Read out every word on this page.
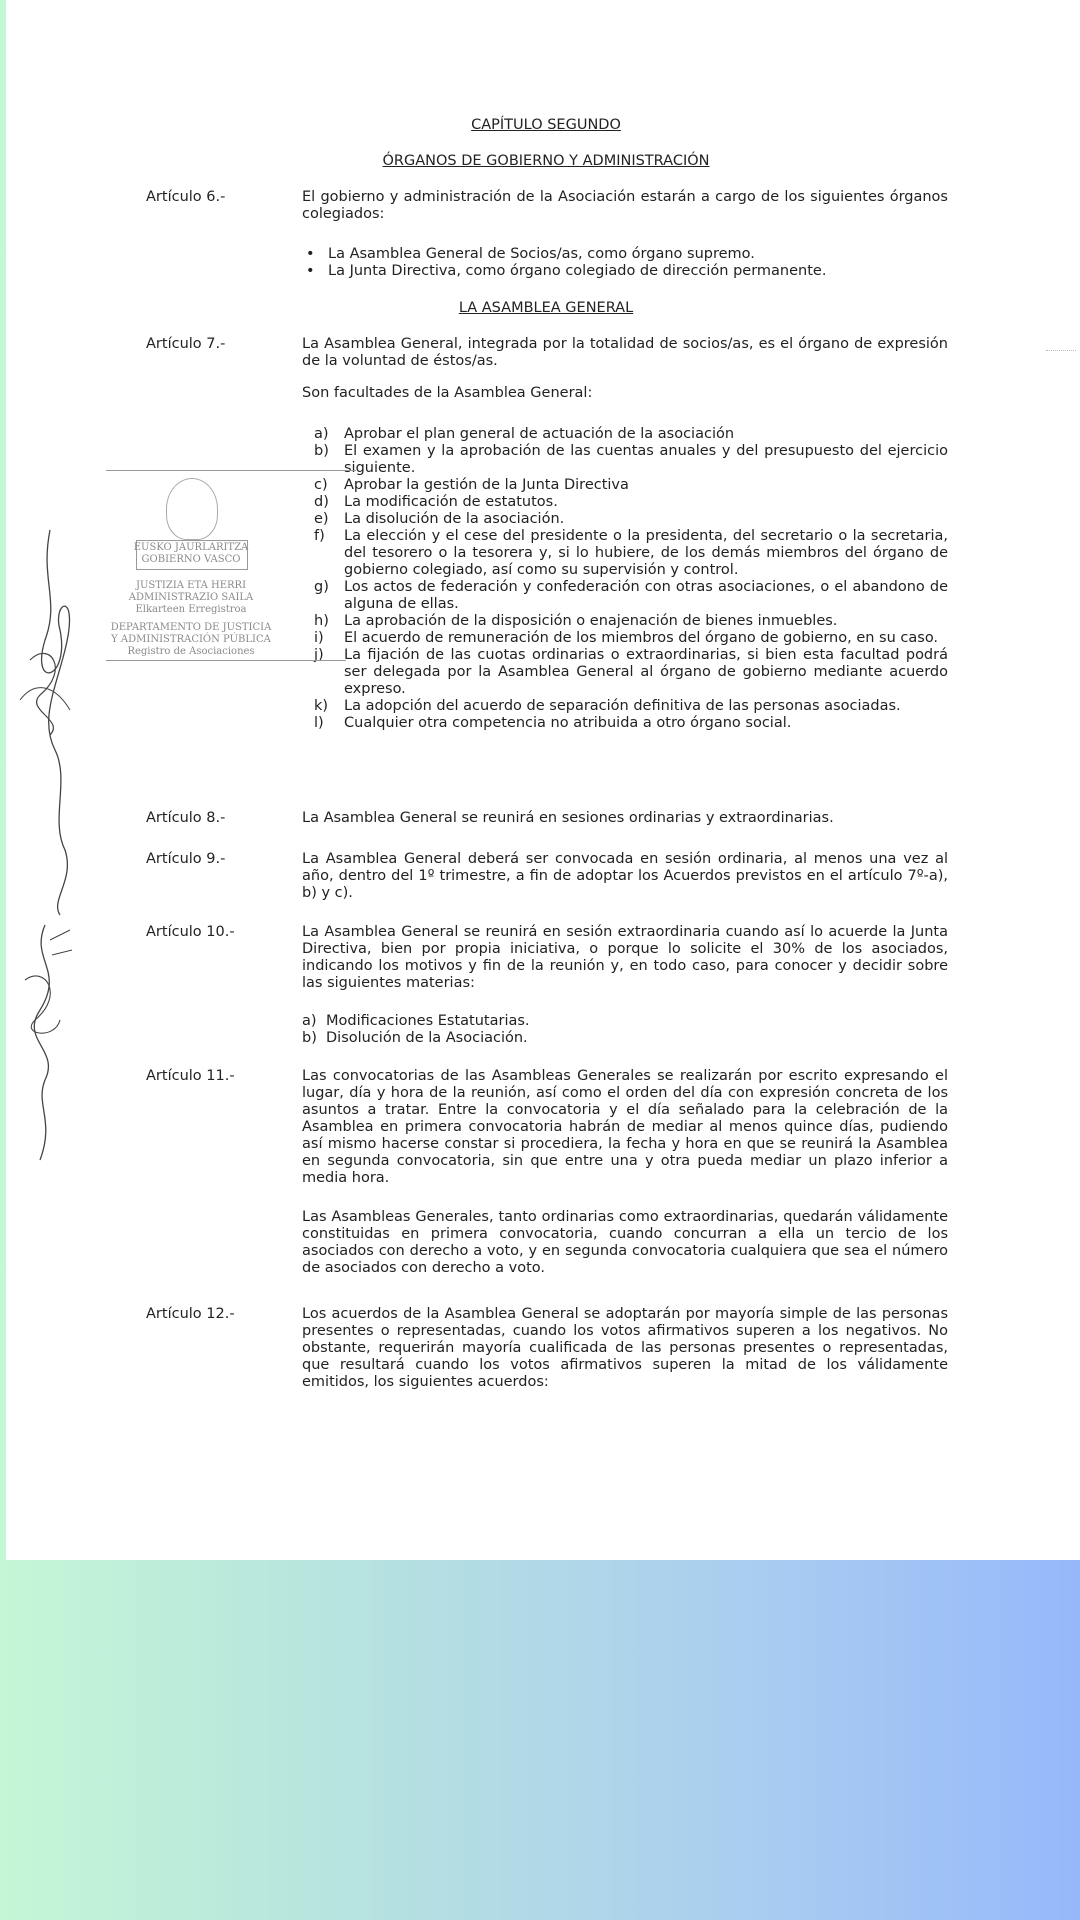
CAPÍTULO SEGUNDO
ÓRGANOS DE GOBIERNO Y ADMINISTRACIÓN
Artículo 6.-	El gobierno y administración de la Asociación estarán a cargo de los siguientes órganos colegiados:

• La Asamblea General de Socios/as, como órgano supremo.
• La Junta Directiva, como órgano colegiado de dirección permanente.
LA ASAMBLEA GENERAL
Artículo 7.-	La Asamblea General, integrada por la totalidad de socios/as, es el órgano de expresión de la voluntad de éstos/as.

Son facultades de la Asamblea General:

a) Aprobar el plan general de actuación de la asociación
b) El examen y la aprobación de las cuentas anuales y del presupuesto del ejercicio siguiente.
c) Aprobar la gestión de la Junta Directiva
d) La modificación de estatutos.
e) La disolución de la asociación.
f) La elección y el cese del presidente o la presidenta, del secretario o la secretaria, del tesorero o la tesorera y, si lo hubiere, de los demás miembros del órgano de gobierno colegiado, así como su supervisión y control.
g) Los actos de federación y confederación con otras asociaciones, o el abandono de alguna de ellas.
h) La aprobación de la disposición o enajenación de bienes inmuebles.
i) El acuerdo de remuneración de los miembros del órgano de gobierno, en su caso.
j) La fijación de las cuotas ordinarias o extraordinarias, si bien esta facultad podrá ser delegada por la Asamblea General al órgano de gobierno mediante acuerdo expreso.
k) La adopción del acuerdo de separación definitiva de las personas asociadas.
l) Cualquier otra competencia no atribuida a otro órgano social.
Artículo 8.-	La Asamblea General se reunirá en sesiones ordinarias y extraordinarias.
Artículo 9.-	La Asamblea General deberá ser convocada en sesión ordinaria, al menos una vez al año, dentro del 1º trimestre, a fin de adoptar los Acuerdos previstos en el artículo 7º-a), b) y c).
Artículo 10.-	La Asamblea General se reunirá en sesión extraordinaria cuando así lo acuerde la Junta Directiva, bien por propia iniciativa, o porque lo solicite el 30% de los asociados, indicando los motivos y fin de la reunión y, en todo caso, para conocer y decidir sobre las siguientes materias:
a) Modificaciones Estatutarias.
b) Disolución de la Asociación.
Artículo 11.-	Las convocatorias de las Asambleas Generales se realizarán por escrito expresando el lugar, día y hora de la reunión, así como el orden del día con expresión concreta de los asuntos a tratar. Entre la convocatoria y el día señalado para la celebración de la Asamblea en primera convocatoria habrán de mediar al menos quince días, pudiendo así mismo hacerse constar si procediera, la fecha y hora en que se reunirá la Asamblea en segunda convocatoria, sin que entre una y otra pueda mediar un plazo inferior a media hora.

Las Asambleas Generales, tanto ordinarias como extraordinarias, quedarán válidamente constituidas en primera convocatoria, cuando concurran a ella un tercio de los asociados con derecho a voto, y en segunda convocatoria cualquiera que sea el número de asociados con derecho a voto.

Artículo 12.-	Los acuerdos de la Asamblea General se adoptarán por mayoría simple de las personas presentes o representadas, cuando los votos afirmativos superen a los negativos. No obstante, requerirán mayoría cualificada de las personas presentes o representadas, que resultará cuando los votos afirmativos superen la mitad de los válidamente emitidos, los siguientes acuerdos:
EUSKO JAURLARITZA
GOBIERNO VASCO
JUSTIZIA ETA HERRI
ADMINISTRAZIO SAILA
Elkarteen Erregistroa
DEPARTAMENTO DE JUSTICIA
Y ADMINISTRACIÓN PÚBLICA
Registro de Asociaciones
